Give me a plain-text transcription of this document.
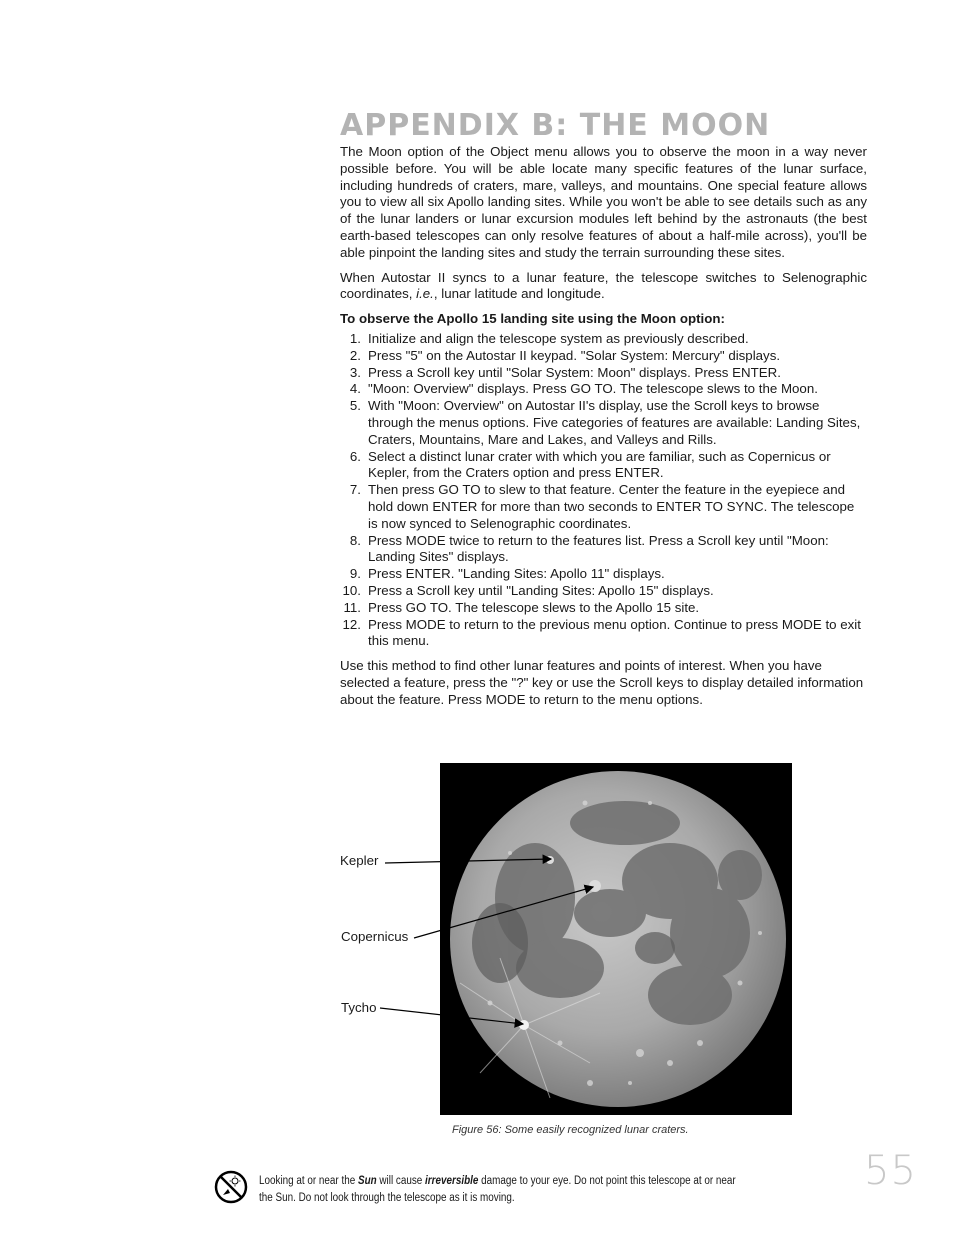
APPENDIX B: THE MOON

The Moon option of the Object menu allows you to observe the moon in a way never possible before. You will be able locate many specific features of the lunar surface, including hundreds of craters, mare, valleys, and mountains. One special feature allows you to view all six Apollo landing sites. While you won't be able to see details such as any of the lunar landers or lunar excursion modules left behind by the astronauts (the best earth-based telescopes can only resolve features of about a half-mile across), you'll be able pinpoint the landing sites and study the terrain surrounding these sites.

When Autostar II syncs to a lunar feature, the telescope switches to Selenographic coordinates, i.e., lunar latitude and longitude.

To observe the Apollo 15 landing site using the Moon option:

1. Initialize and align the telescope system as previously described.
2. Press "5" on the Autostar II keypad. "Solar System: Mercury" displays.
3. Press a Scroll key until "Solar System: Moon" displays. Press ENTER.
4. "Moon: Overview" displays. Press GO TO. The telescope slews to the Moon.
5. With "Moon: Overview" on Autostar II's display, use the Scroll keys to browse through the menus options. Five categories of features are available: Landing Sites, Craters, Mountains, Mare and Lakes, and Valleys and Rills.
6. Select a distinct lunar crater with which you are familiar, such as Copernicus or Kepler, from the Craters option and press ENTER.
7. Then press GO TO to slew to that feature. Center the feature in the eyepiece and hold down ENTER for more than two seconds to ENTER TO SYNC. The telescope is now synced to Selenographic coordinates.
8. Press MODE twice to return to the features list. Press a Scroll key until "Moon: Landing Sites" displays.
9. Press ENTER. "Landing Sites: Apollo 11" displays.
10. Press a Scroll key until "Landing Sites: Apollo 15" displays.
11. Press GO TO. The telescope slews to the Apollo 15 site.
12. Press MODE to return to the previous menu option. Continue to press MODE to exit this menu.

Use this method to find other lunar features and points of interest. When you have selected a feature, press the "?" key or use the Scroll keys to display detailed information about the feature. Press MODE to return to the menu options.

Kepler
Copernicus
Tycho
Figure 56: Some easily recognized lunar craters.
55
Looking at or near the Sun will cause irreversible damage to your eye. Do not point this telescope at or near the Sun. Do not look through the telescope as it is moving.
